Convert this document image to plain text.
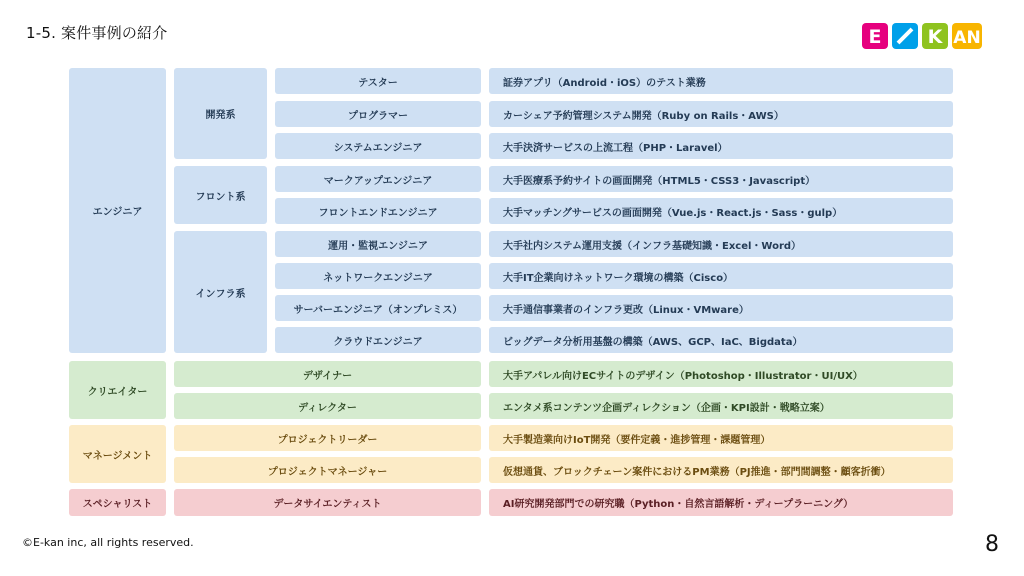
1-5. 案件事例の紹介	E K AN
エンジニア
クリエイター
マネージメント
スペシャリスト
開発系
フロント系
インフラ系
テスター
プログラマー
システムエンジニア
マークアップエンジニア
フロントエンドエンジニア
運用・監視エンジニア
ネットワークエンジニア
サーバーエンジニア（オンプレミス）
クラウドエンジニア
デザイナー
ディレクター
プロジェクトリーダー
プロジェクトマネージャー
データサイエンティスト
証券アプリ（Android・iOS）のテスト業務
カーシェア予約管理システム開発（Ruby on Rails・AWS）
大手決済サービスの上流工程（PHP・Laravel）
大手医療系予約サイトの画面開発（HTML5・CSS3・Javascript）
大手マッチングサービスの画面開発（Vue.js・React.js・Sass・gulp）
大手社内システム運用支援（インフラ基礎知識・Excel・Word）
大手IT企業向けネットワーク環境の構築（Cisco）
大手通信事業者のインフラ更改（Linux・VMware）
ビッグデータ分析用基盤の構築（AWS、GCP、IaC、Bigdata）
大手アパレル向けECサイトのデザイン（Photoshop・Illustrator・UI/UX）
エンタメ系コンテンツ企画ディレクション（企画・KPI設計・戦略立案）
大手製造業向けIoT開発（要件定義・進捗管理・課題管理）
仮想通貨、ブロックチェーン案件におけるPM業務（PJ推進・部門間調整・顧客折衝）
AI研究開発部門での研究職（Python・自然言語解析・ディープラーニング）
©E-kan inc, all rights reserved.	8
